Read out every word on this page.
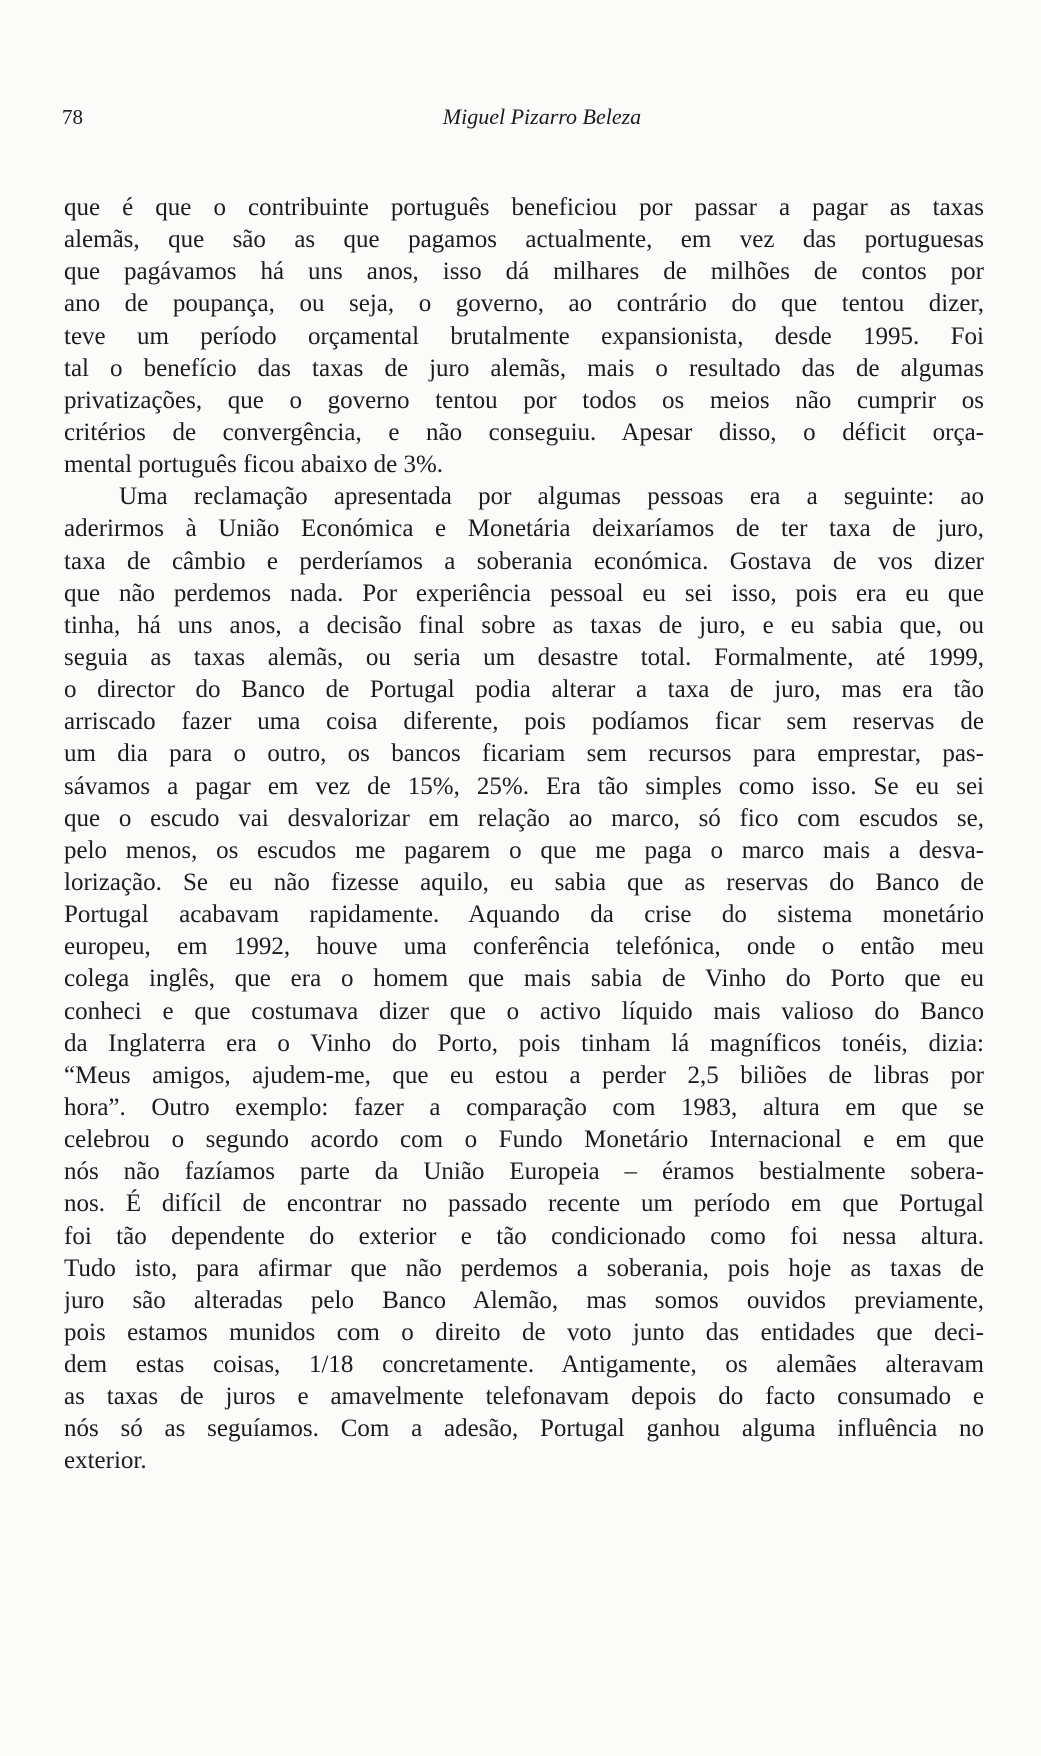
78	Miguel Pizarro Beleza
que é que o contribuinte português beneficiou por passar a pagar as taxas
alemãs, que são as que pagamos actualmente, em vez das portuguesas
que pagávamos há uns anos, isso dá milhares de milhões de contos por
ano de poupança, ou seja, o governo, ao contrário do que tentou dizer,
teve um período orçamental brutalmente expansionista, desde 1995. Foi
tal o benefício das taxas de juro alemãs, mais o resultado das de algumas
privatizações, que o governo tentou por todos os meios não cumprir os
critérios de convergência, e não conseguiu. Apesar disso, o déficit orça-
mental português ficou abaixo de 3%.
Uma reclamação apresentada por algumas pessoas era a seguinte: ao
aderirmos à União Económica e Monetária deixaríamos de ter taxa de juro,
taxa de câmbio e perderíamos a soberania económica. Gostava de vos dizer
que não perdemos nada. Por experiência pessoal eu sei isso, pois era eu que
tinha, há uns anos, a decisão final sobre as taxas de juro, e eu sabia que, ou
seguia as taxas alemãs, ou seria um desastre total. Formalmente, até 1999,
o director do Banco de Portugal podia alterar a taxa de juro, mas era tão
arriscado fazer uma coisa diferente, pois podíamos ficar sem reservas de
um dia para o outro, os bancos ficariam sem recursos para emprestar, pas-
sávamos a pagar em vez de 15%, 25%. Era tão simples como isso. Se eu sei
que o escudo vai desvalorizar em relação ao marco, só fico com escudos se,
pelo menos, os escudos me pagarem o que me paga o marco mais a desva-
lorização. Se eu não fizesse aquilo, eu sabia que as reservas do Banco de
Portugal acabavam rapidamente. Aquando da crise do sistema monetário
europeu, em 1992, houve uma conferência telefónica, onde o então meu
colega inglês, que era o homem que mais sabia de Vinho do Porto que eu
conheci e que costumava dizer que o activo líquido mais valioso do Banco
da Inglaterra era o Vinho do Porto, pois tinham lá magníficos tonéis, dizia:
“Meus amigos, ajudem-me, que eu estou a perder 2,5 biliões de libras por
hora”. Outro exemplo: fazer a comparação com 1983, altura em que se
celebrou o segundo acordo com o Fundo Monetário Internacional e em que
nós não fazíamos parte da União Europeia – éramos bestialmente sobera-
nos. É difícil de encontrar no passado recente um período em que Portugal
foi tão dependente do exterior e tão condicionado como foi nessa altura.
Tudo isto, para afirmar que não perdemos a soberania, pois hoje as taxas de
juro são alteradas pelo Banco Alemão, mas somos ouvidos previamente,
pois estamos munidos com o direito de voto junto das entidades que deci-
dem estas coisas, 1/18 concretamente. Antigamente, os alemães alteravam
as taxas de juros e amavelmente telefonavam depois do facto consumado e
nós só as seguíamos. Com a adesão, Portugal ganhou alguma influência no
exterior.
